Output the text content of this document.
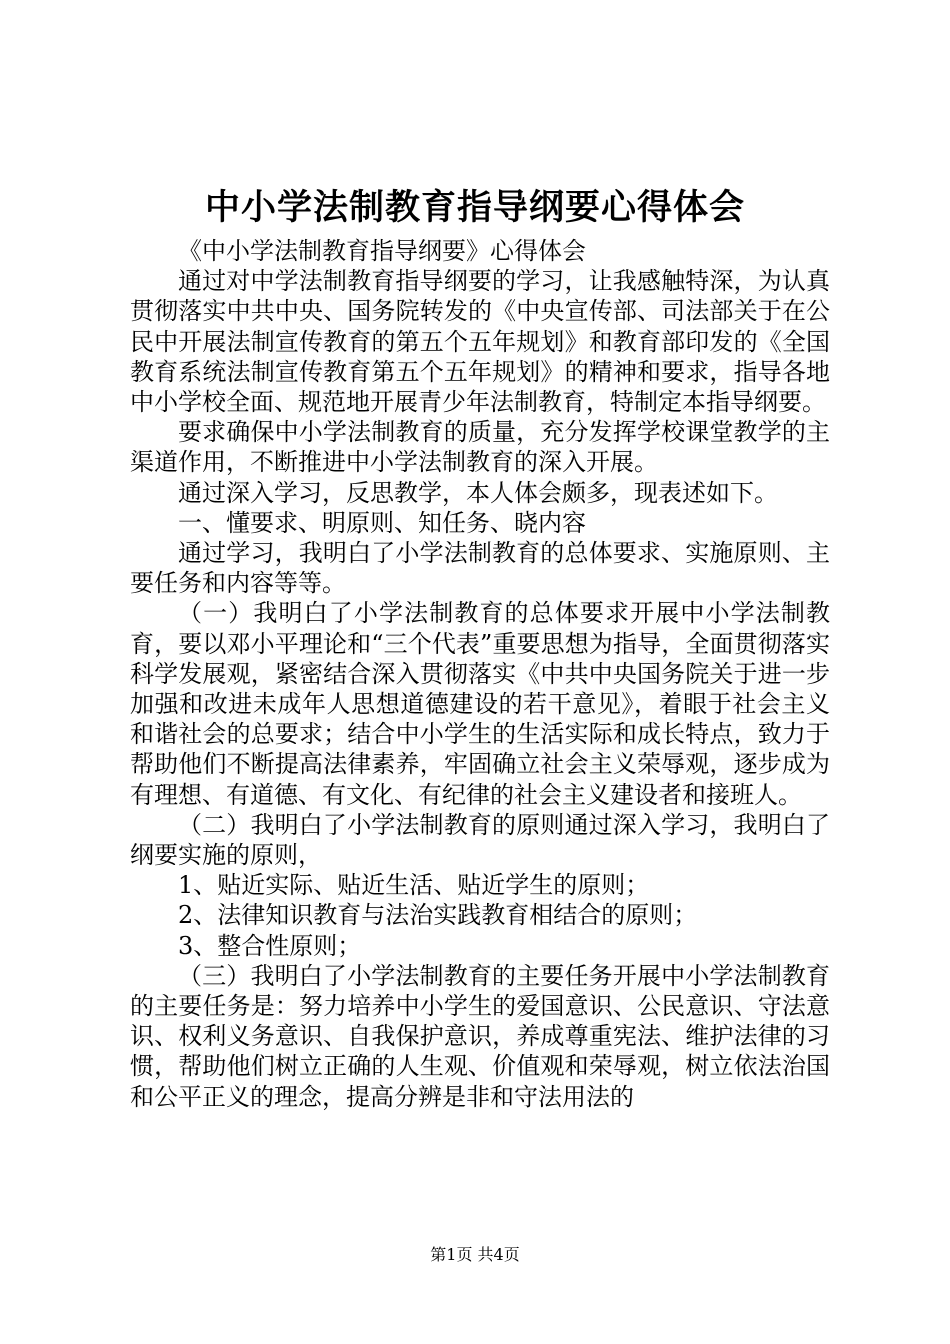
中小学法制教育指导纲要心得体会

《中小学法制教育指导纲要》心得体会

通过对中学法制教育指导纲要的学习，让我感触特深，为认真贯彻落实中共中央、国务院转发的《中央宣传部、司法部关于在公民中开展法制宣传教育的第五个五年规划》和教育部印发的《全国教育系统法制宣传教育第五个五年规划》的精神和要求，指导各地中小学校全面、规范地开展青少年法制教育，特制定本指导纲要。

要求确保中小学法制教育的质量，充分发挥学校课堂教学的主渠道作用，不断推进中小学法制教育的深入开展。

通过深入学习，反思教学，本人体会颇多，现表述如下。

一、懂要求、明原则、知任务、晓内容

通过学习，我明白了小学法制教育的总体要求、实施原则、主要任务和内容等等。

（一）我明白了小学法制教育的总体要求开展中小学法制教育，要以邓小平理论和“三个代表”重要思想为指导，全面贯彻落实科学发展观，紧密结合深入贯彻落实《中共中央国务院关于进一步加强和改进未成年人思想道德建设的若干意见》，着眼于社会主义和谐社会的总要求；结合中小学生的生活实际和成长特点，致力于帮助他们不断提高法律素养，牢固确立社会主义荣辱观，逐步成为有理想、有道德、有文化、有纪律的社会主义建设者和接班人。

（二）我明白了小学法制教育的原则通过深入学习，我明白了纲要实施的原则，

1、贴近实际、贴近生活、贴近学生的原则；

2、法律知识教育与法治实践教育相结合的原则；

3、整合性原则；

（三）我明白了小学法制教育的主要任务开展中小学法制教育的主要任务是：努力培养中小学生的爱国意识、公民意识、守法意识、权利义务意识、自我保护意识，养成尊重宪法、维护法律的习惯，帮助他们树立正确的人生观、价值观和荣辱观，树立依法治国和公平正义的理念，提高分辨是非和守法用法的

第1页 共4页
